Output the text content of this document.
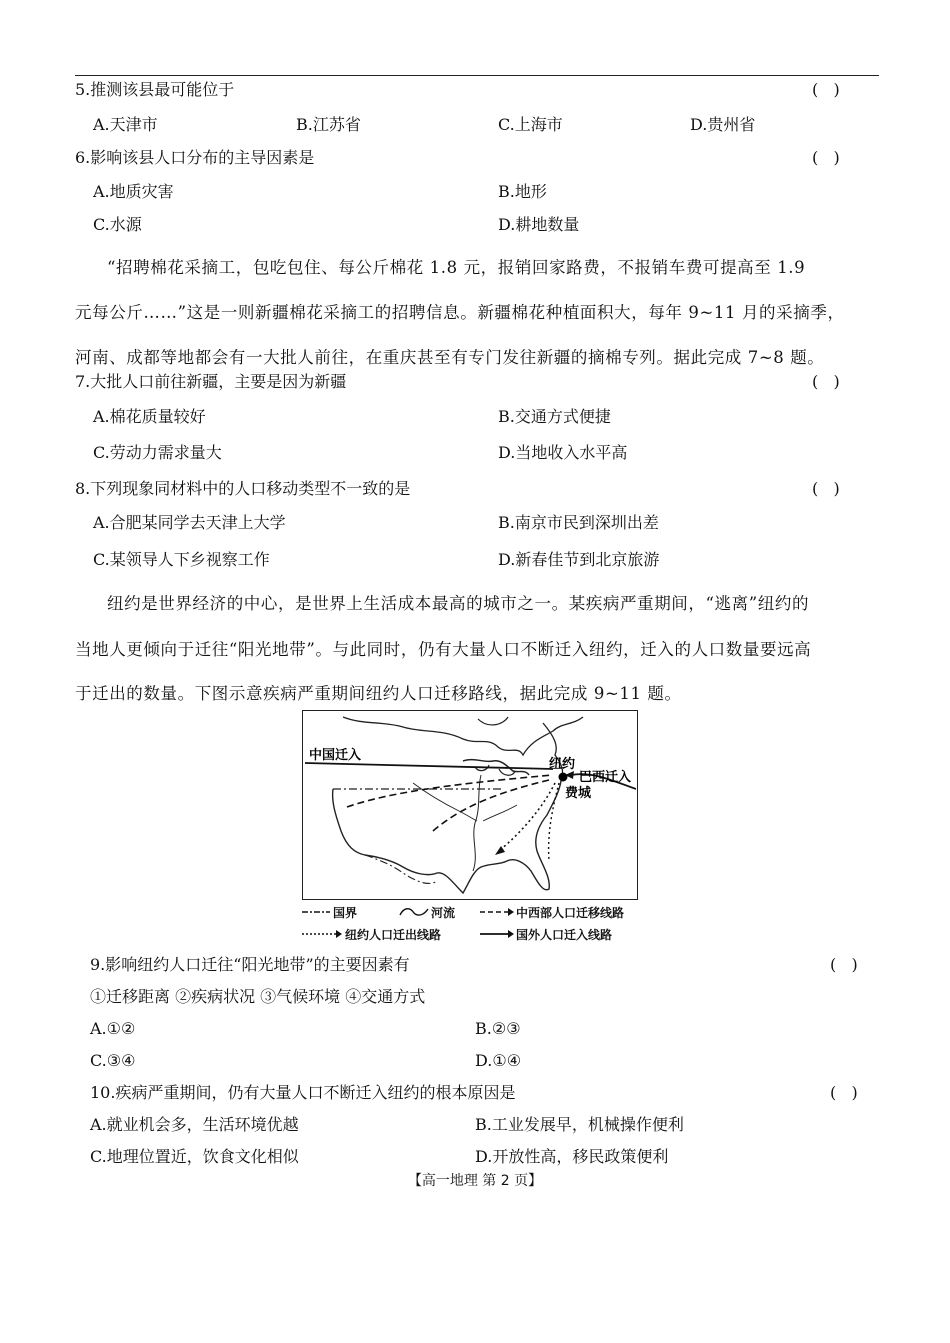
5.推测该县最可能位于	(   )
A.天津市	B.江苏省	C.上海市	D.贵州省
6.影响该县人口分布的主导因素是	(   )
A.地质灾害	B.地形
C.水源	D.耕地数量
“招聘棉花采摘工，包吃包住、每公斤棉花 1.8 元，报销回家路费，不报销车费可提高至 1.9
元每公斤……”这是一则新疆棉花采摘工的招聘信息。新疆棉花种植面积大，每年 9~11 月的采摘季，
河南、成都等地都会有一大批人前往，在重庆甚至有专门发往新疆的摘棉专列。据此完成 7~8 题。
7.大批人口前往新疆，主要是因为新疆	(   )
A.棉花质量较好	B.交通方式便捷
C.劳动力需求量大	D.当地收入水平高
8.下列现象同材料中的人口移动类型不一致的是	(   )
A.合肥某同学去天津上大学	B.南京市民到深圳出差
C.某领导人下乡视察工作	D.新春佳节到北京旅游
纽约是世界经济的中心，是世界上生活成本最高的城市之一。某疾病严重期间，“逃离”纽约的
当地人更倾向于迁往“阳光地带”。与此同时，仍有大量人口不断迁入纽约，迁入的人口数量要远高
于迁出的数量。下图示意疾病严重期间纽约人口迁移路线，据此完成 9~11 题。
中国迁入
纽约
巴西迁入
费城
国界	河流	中西部人口迁移线路
纽约人口迁出线路	国外人口迁入线路
9.影响纽约人口迁往“阳光地带”的主要因素有	(   )
①迁移距离 ②疾病状况 ③气候环境 ④交通方式
A.①②	B.②③
C.③④	D.①④
10.疾病严重期间，仍有大量人口不断迁入纽约的根本原因是	(   )
A.就业机会多，生活环境优越	B.工业发展早，机械操作便利
C.地理位置近，饮食文化相似	D.开放性高，移民政策便利
【高一地理 第 2 页】
